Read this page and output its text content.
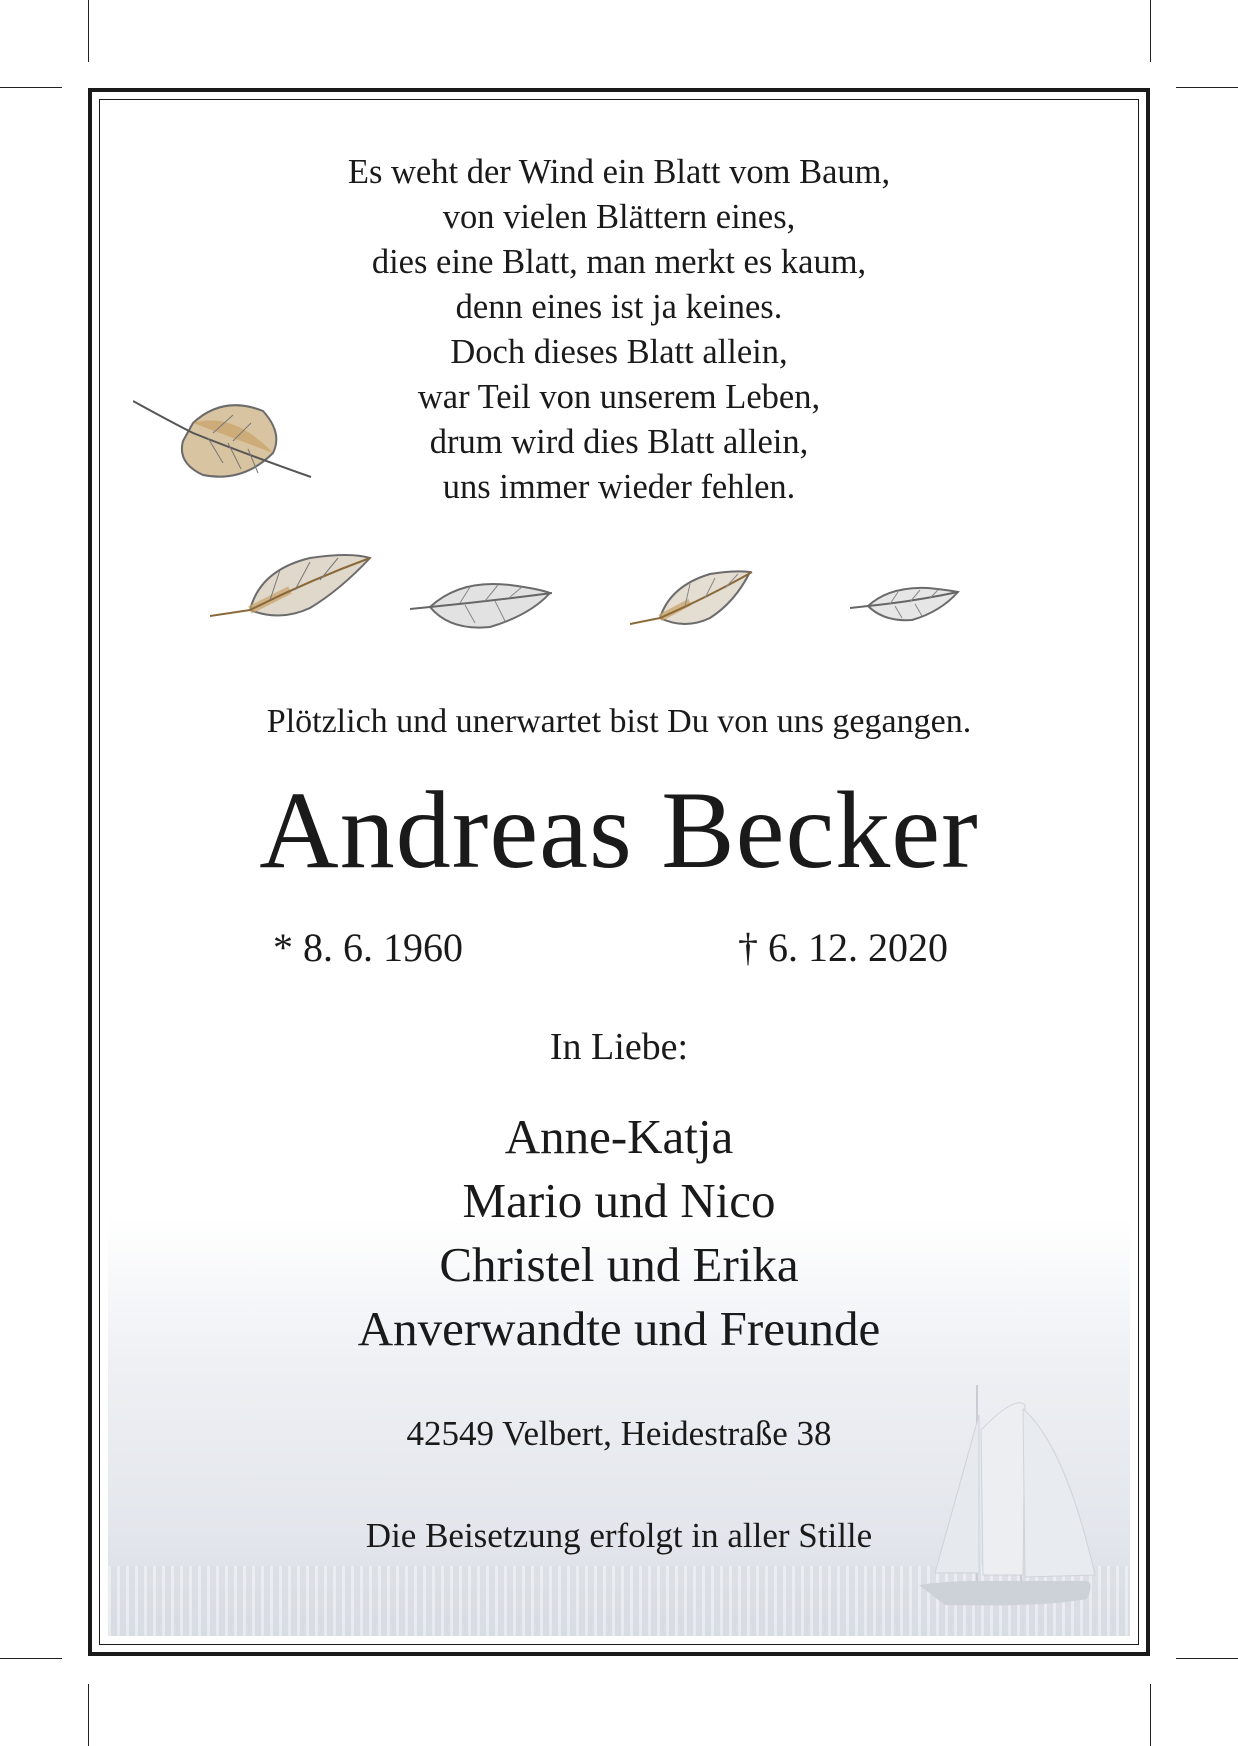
Es weht der Wind ein Blatt vom Baum,
von vielen Blättern eines,
dies eine Blatt, man merkt es kaum,
denn eines ist ja keines.
Doch dieses Blatt allein,
war Teil von unserem Leben,
drum wird dies Blatt allein,
uns immer wieder fehlen.
Plötzlich und unerwartet bist Du von uns gegangen.
Andreas Becker
* 8. 6. 1960	† 6. 12. 2020
In Liebe:
Anne-Katja
Mario und Nico
Christel und Erika
Anverwandte und Freunde
42549 Velbert, Heidestraße 38
Die Beisetzung erfolgt in aller Stille
